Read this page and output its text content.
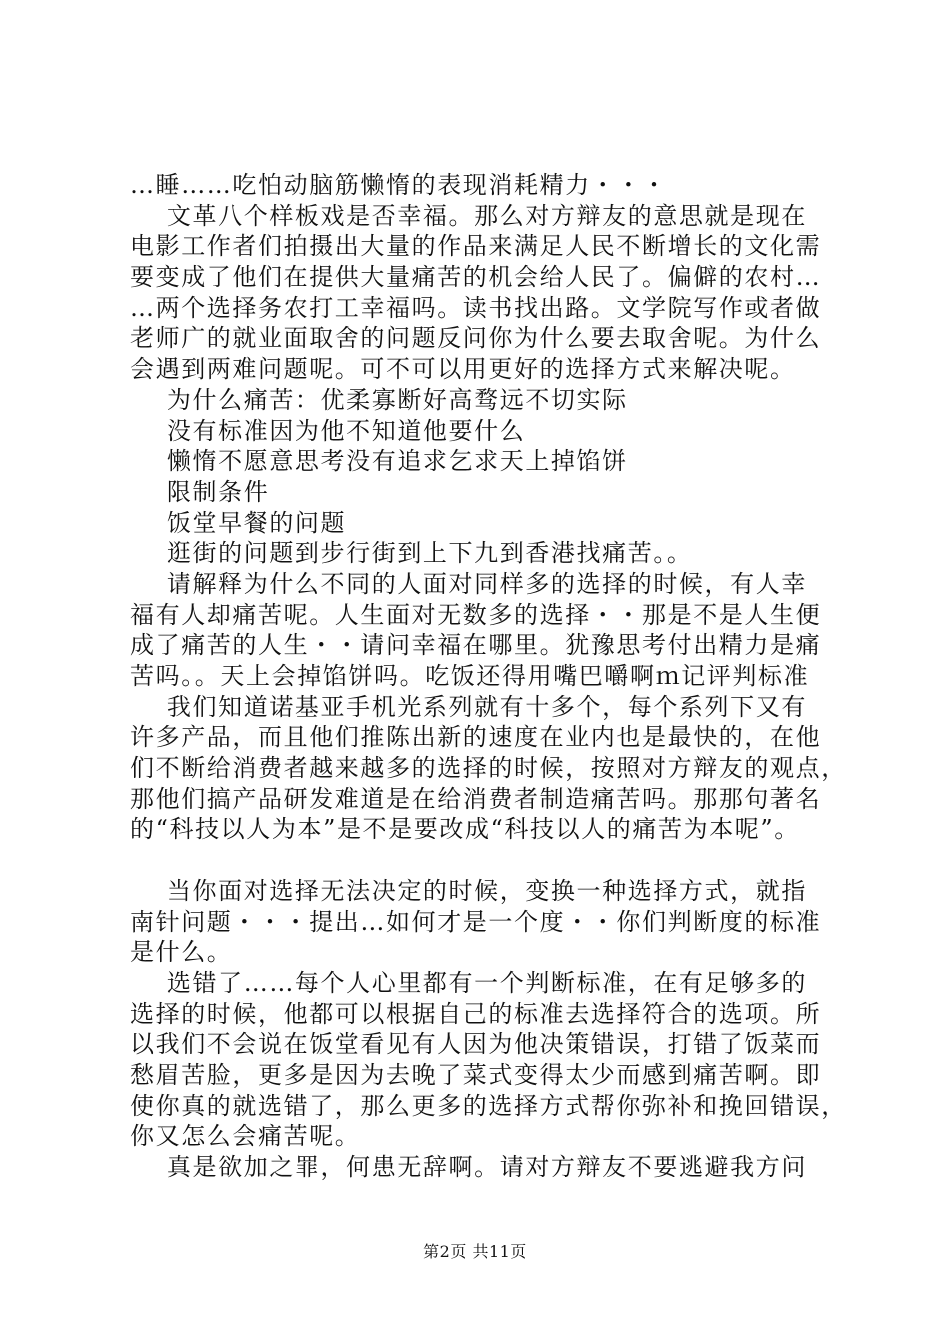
…睡……吃怕动脑筋懒惰的表现消耗精力・・・
文革八个样板戏是否幸福。那么对方辩友的意思就是现在
电影工作者们拍摄出大量的作品来满足人民不断增长的文化需
要变成了他们在提供大量痛苦的机会给人民了。偏僻的农村…
…两个选择务农打工幸福吗。读书找出路。文学院写作或者做
老师广的就业面取舍的问题反问你为什么要去取舍呢。为什么
会遇到两难问题呢。可不可以用更好的选择方式来解决呢。
为什么痛苦：优柔寡断好高骛远不切实际
没有标准因为他不知道他要什么
懒惰不愿意思考没有追求乞求天上掉馅饼
限制条件
饭堂早餐的问题
逛街的问题到步行街到上下九到香港找痛苦。。
请解释为什么不同的人面对同样多的选择的时候，有人幸
福有人却痛苦呢。人生面对无数多的选择・・那是不是人生便
成了痛苦的人生・・请问幸福在哪里。犹豫思考付出精力是痛
苦吗。。天上会掉馅饼吗。吃饭还得用嘴巴嚼啊ｍ记评判标准
我们知道诺基亚手机光系列就有十多个，每个系列下又有
许多产品，而且他们推陈出新的速度在业内也是最快的，在他
们不断给消费者越来越多的选择的时候，按照对方辩友的观点，
那他们搞产品研发难道是在给消费者制造痛苦吗。那那句著名
的“科技以人为本”是不是要改成“科技以人的痛苦为本呢”。
当你面对选择无法决定的时候，变换一种选择方式，就指
南针问题・・・提出…如何才是一个度・・你们判断度的标准
是什么。
选错了……每个人心里都有一个判断标准，在有足够多的
选择的时候，他都可以根据自己的标准去选择符合的选项。所
以我们不会说在饭堂看见有人因为他决策错误，打错了饭菜而
愁眉苦脸，更多是因为去晚了菜式变得太少而感到痛苦啊。即
使你真的就选错了，那么更多的选择方式帮你弥补和挽回错误，
你又怎么会痛苦呢。
真是欲加之罪，何患无辞啊。请对方辩友不要逃避我方问
第2页 共11页
